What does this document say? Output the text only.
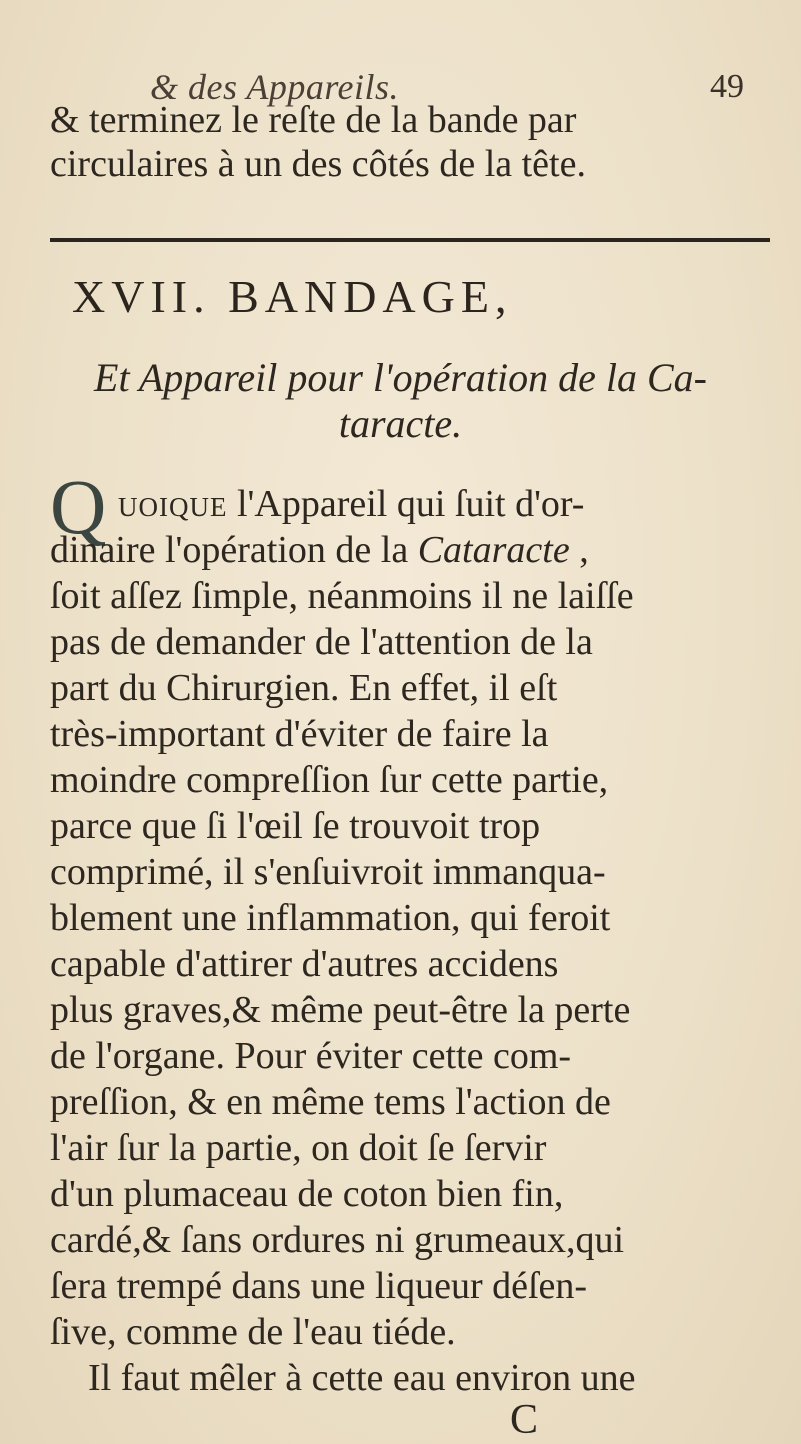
& des Appareils.	49
& terminez le reſte de la bande par
circulaires à un des côtés de la tête.
XVII. BANDAGE,
Et Appareil pour l'opération de la Ca-
taracte.
Q uoique l'Appareil qui ſuit d'or-
dinaire l'opération de la Cataracte ,
ſoit aſſez ſimple, néanmoins il ne laiſſe
pas de demander de l'attention de la
part du Chirurgien. En effet, il eſt
très-important d'éviter de faire la
moindre compreſſion ſur cette partie,
parce que ſi l'œil ſe trouvoit trop
comprimé, il s'enſuivroit immanqua-
blement une inflammation, qui feroit
capable d'attirer d'autres accidens
plus graves,& même peut-être la perte
de l'organe. Pour éviter cette com-
preſſion, & en même tems l'action de
l'air ſur la partie, on doit ſe ſervir
d'un plumaceau de coton bien fin,
cardé,& ſans ordures ni grumeaux,qui
ſera trempé dans une liqueur déſen-
ſive, comme de l'eau tiéde.
Il faut mêler à cette eau environ une
C
